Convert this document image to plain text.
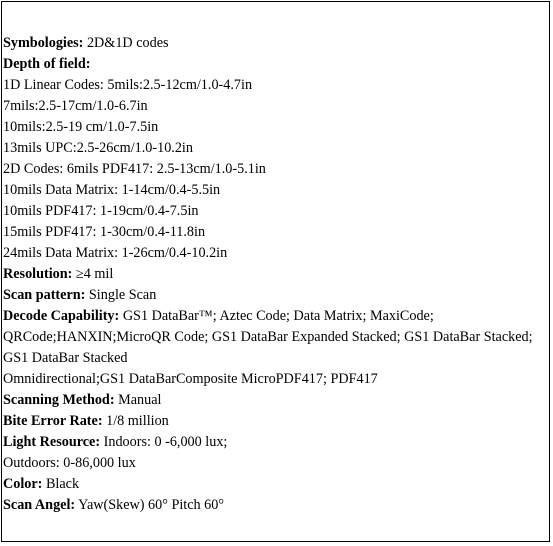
Symbologies: 2D&1D codes
Depth of field:
1D Linear Codes: 5mils:2.5-12cm/1.0-4.7in
7mils:2.5-17cm/1.0-6.7in
10mils:2.5-19 cm/1.0-7.5in
13mils UPC:2.5-26cm/1.0-10.2in
2D Codes: 6mils PDF417: 2.5-13cm/1.0-5.1in
10mils Data Matrix: 1-14cm/0.4-5.5in
10mils PDF417: 1-19cm/0.4-7.5in
15mils PDF417: 1-30cm/0.4-11.8in
24mils Data Matrix: 1-26cm/0.4-10.2in
Resolution: ≥4 mil
Scan pattern: Single Scan
Decode Capability: GS1 DataBar™; Aztec Code; Data Matrix; MaxiCode; QRCode;HANXIN;MicroQR Code; GS1 DataBar Expanded Stacked; GS1 DataBar Stacked; GS1 DataBar Stacked
Omnidirectional;GS1 DataBarComposite MicroPDF417; PDF417
Scanning Method: Manual
Bite Error Rate: 1/8 million
Light Resource: Indoors: 0 -6,000 lux;
Outdoors: 0-86,000 lux
Color: Black
Scan Angel: Yaw(Skew) 60° Pitch 60°
